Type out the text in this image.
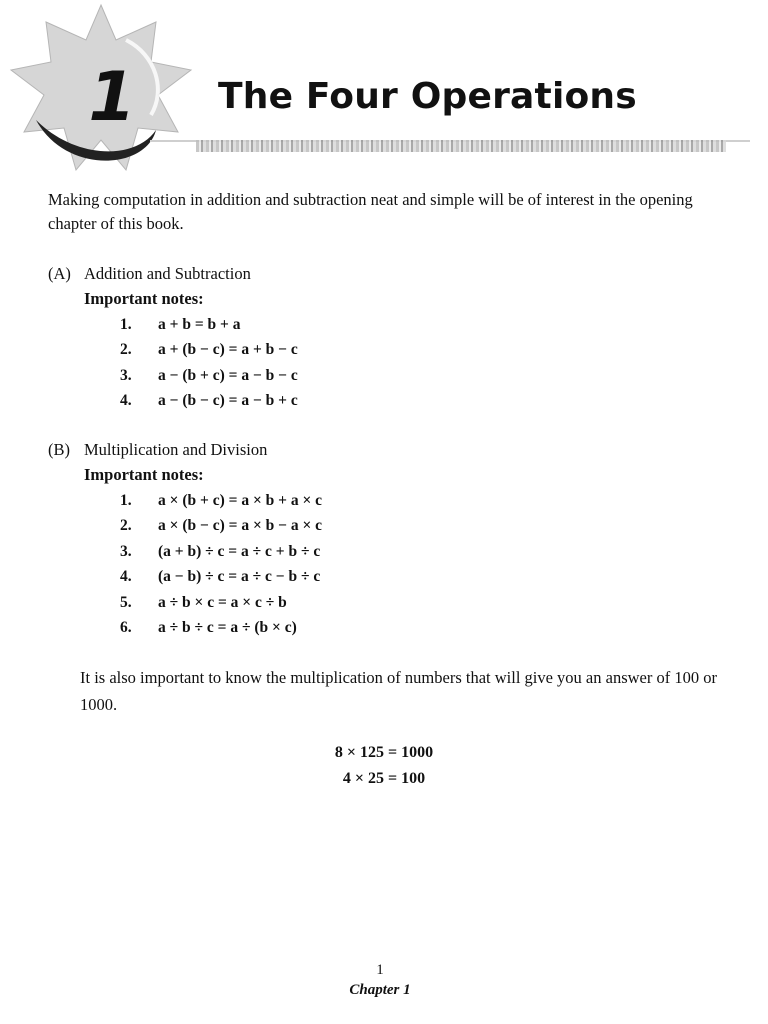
1 The Four Operations
Making computation in addition and subtraction neat and simple will be of interest in the opening chapter of this book.
(A) Addition and Subtraction
Important notes:
1.	a + b = b + a
2.	a + (b − c) = a + b − c
3.	a − (b + c) = a − b − c
4.	a − (b − c) = a − b + c
(B) Multiplication and Division
Important notes:
1.	a × (b + c) = a × b + a × c
2.	a × (b − c) = a × b − a × c
3.	(a + b) ÷ c = a ÷ c + b ÷ c
4.	(a − b) ÷ c = a ÷ c − b ÷ c
5.	a ÷ b × c = a × c ÷ b
6.	a ÷ b ÷ c = a ÷ (b × c)
It is also important to know the multiplication of numbers that will give you an answer of 100 or 1000.
8 × 125 = 1000
4 × 25 = 100
1
Chapter 1
